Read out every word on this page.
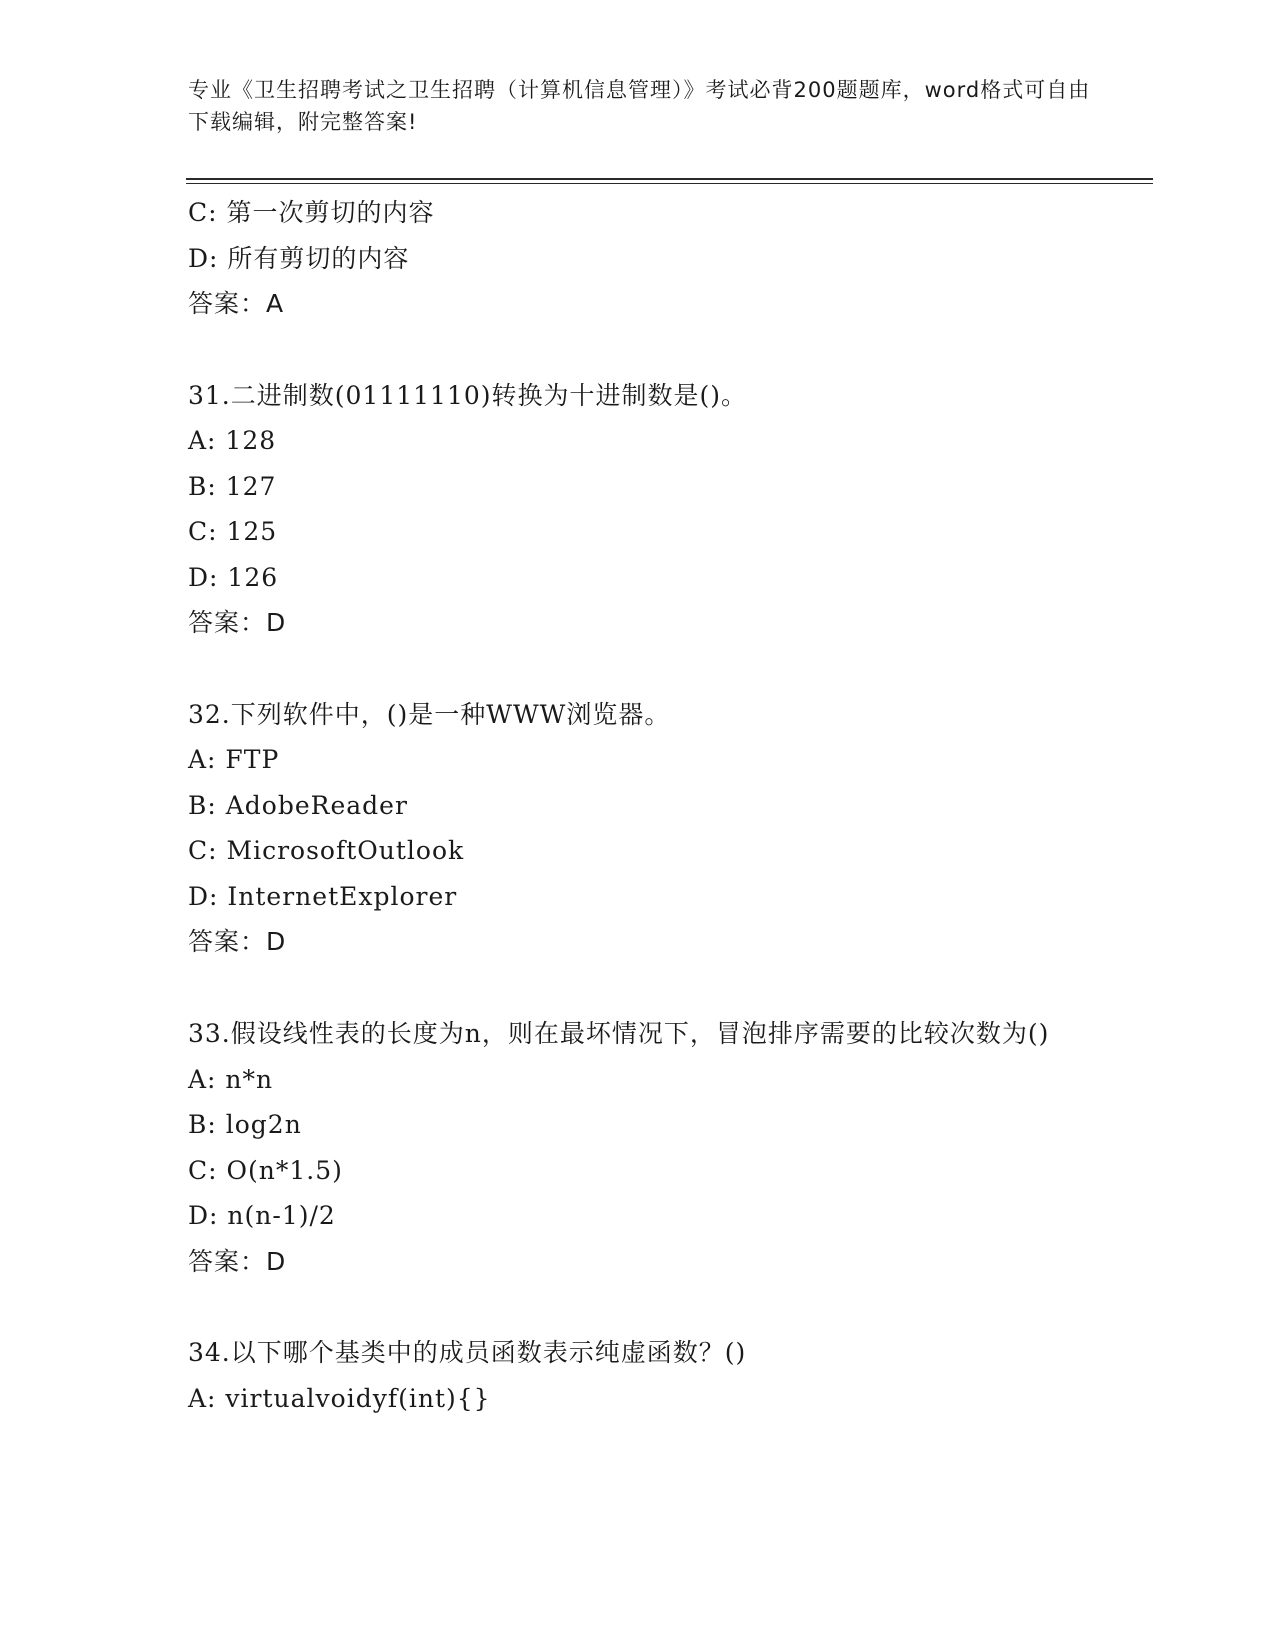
专业《卫生招聘考试之卫生招聘（计算机信息管理）》考试必背200题题库，word格式可自由下载编辑，附完整答案!
C: 第一次剪切的内容
D: 所有剪切的内容
答案：A
31.二进制数(01111110)转换为十进制数是()。
A: 128
B: 127
C: 125
D: 126
答案：D
32.下列软件中，()是一种WWW浏览器。
A: FTP
B: AdobeReader
C: MicrosoftOutlook
D: InternetExplorer
答案：D
33.假设线性表的长度为n，则在最坏情况下，冒泡排序需要的比较次数为()
A: n*n
B: log2n
C: O(n*1.5)
D: n(n-1)/2
答案：D
34.以下哪个基类中的成员函数表示纯虚函数？()
A: virtualvoidyf(int){}
